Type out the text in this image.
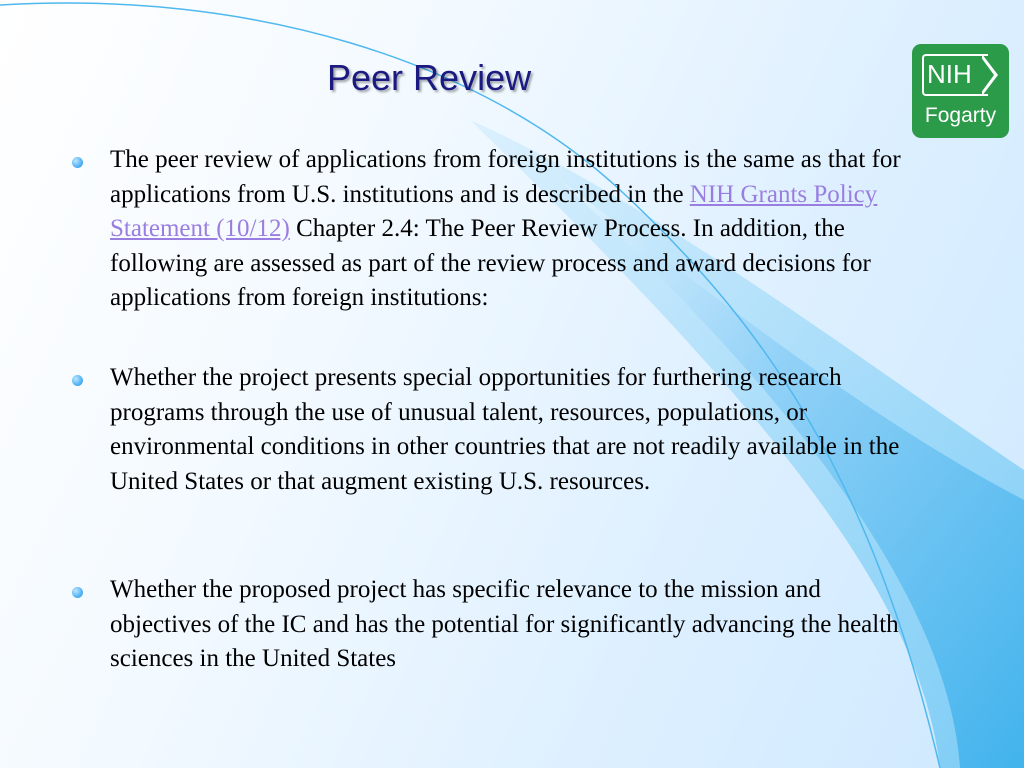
Peer Review	NIH
Fogarty
The peer review of applications from foreign institutions is the same as that for applications from U.S. institutions and is described in the NIH Grants Policy Statement (10/12) Chapter 2.4: The Peer Review Process. In addition, the following are assessed as part of the review process and award decisions for applications from foreign institutions:
Whether the project presents special opportunities for furthering research programs through the use of unusual talent, resources, populations, or environmental conditions in other countries that are not readily available in the United States or that augment existing U.S. resources.
Whether the proposed project has specific relevance to the mission and objectives of the IC and has the potential for significantly advancing the health sciences in the United States
